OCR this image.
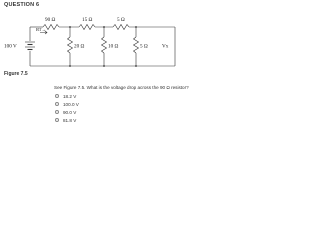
QUESTION 6
90 Ω	15 Ω	5 Ω
20 Ω	10 Ω	5 Ω
100 V
RT→
Vx
Figure 7.5
See Figure 7.5. What is the voltage drop across the 90 Ω resistor?
18.2 V
100.0 V
90.0 V
81.8 V
